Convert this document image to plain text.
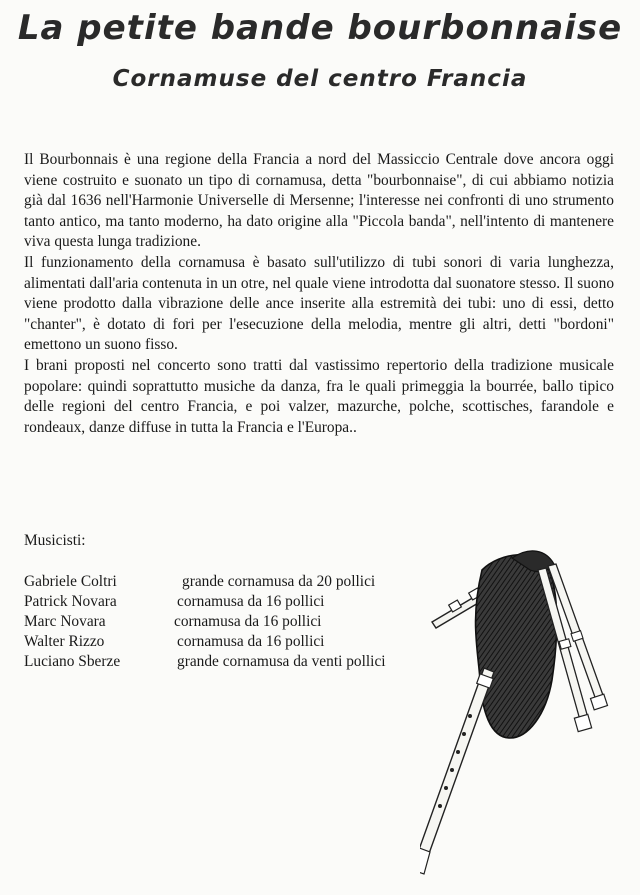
La petite bande bourbonnaise
Cornamuse del centro Francia

Il Bourbonnais è una regione della Francia a nord del Massiccio Centrale dove ancora oggi viene costruito e suonato un tipo di cornamusa, detta "bourbonnaise", di cui abbiamo notizia già dal 1636 nell'Harmonie Universelle di Mersenne; l'interesse nei confronti di uno strumento tanto antico, ma tanto moderno, ha dato origine alla "Piccola banda", nell'intento di mantenere viva questa lunga tradizione.

Il funzionamento della cornamusa è basato sull'utilizzo di tubi sonori di varia lunghezza, alimentati dall'aria contenuta in un otre, nel quale viene introdotta dal suonatore stesso. Il suono viene prodotto dalla vibrazione delle ance inserite alla estremità dei tubi: uno di essi, detto "chanter", è dotato di fori per l'esecuzione della melodia, mentre gli altri, detti "bordoni" emettono un suono fisso.

I brani proposti nel concerto sono tratti dal vastissimo repertorio della tradizione musicale popolare: quindi soprattutto musiche da danza, fra le quali primeggia la bourrée, ballo tipico delle regioni del centro Francia, e poi valzer, mazurche, polche, scottisches, farandole e rondeaux, danze diffuse in tutta la Francia e l'Europa..

Musicisti:
Gabriele Coltri	grande cornamusa da 20 pollici
Patrick Novara	cornamusa da 16 pollici
Marc Novara	cornamusa da 16 pollici
Walter Rizzo	cornamusa da 16 pollici
Luciano Sberze	grande cornamusa da venti pollici
